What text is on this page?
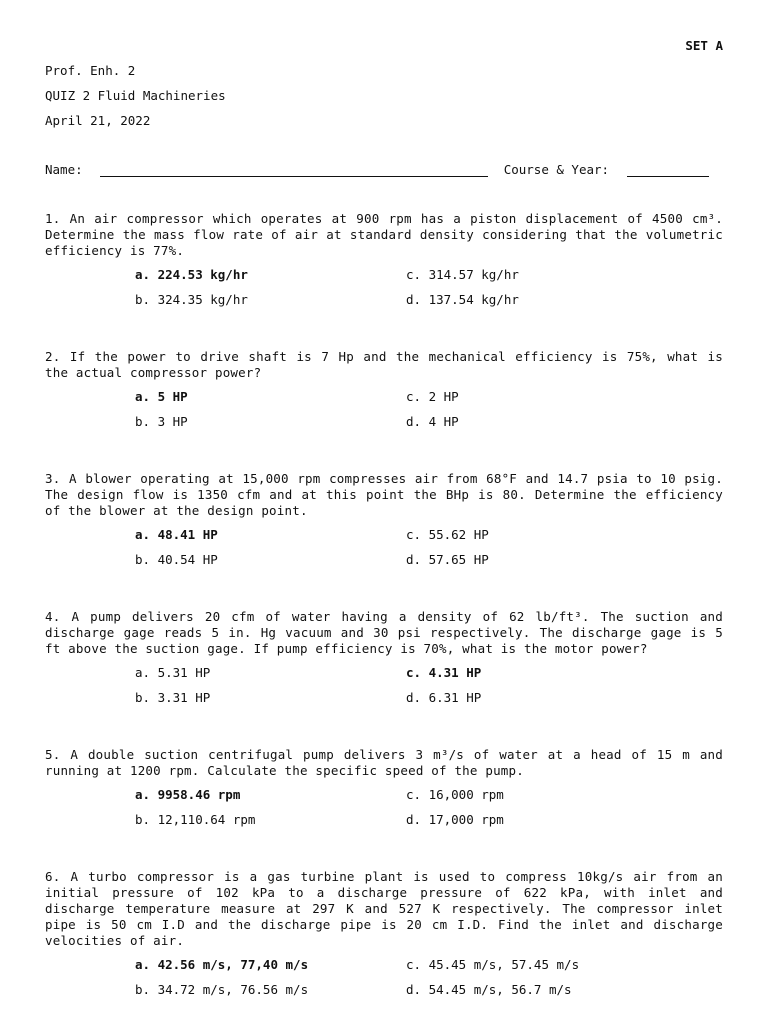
SET A
Prof. Enh. 2
QUIZ 2 Fluid Machineries
April 21, 2022
Name:	Course & Year:
1. An air compressor which operates at 900 rpm has a piston displacement of 4500 cm³. Determine the mass flow rate of air at standard density considering that the volumetric efficiency is 77%.
a. 224.53 kg/hr	c. 314.57 kg/hr
b. 324.35 kg/hr	d. 137.54 kg/hr
2. If the power to drive shaft is 7 Hp and the mechanical efficiency is 75%, what is the actual compressor power?
a. 5 HP	c. 2 HP
b. 3 HP	d. 4 HP
3. A blower operating at 15,000 rpm compresses air from 68°F and 14.7 psia to 10 psig. The design flow is 1350 cfm and at this point the BHp is 80. Determine the efficiency of the blower at the design point.
a. 48.41 HP	c. 55.62 HP
b. 40.54 HP	d. 57.65 HP
4. A pump delivers 20 cfm of water having a density of 62 lb/ft³. The suction and discharge gage reads 5 in. Hg vacuum and 30 psi respectively. The discharge gage is 5 ft above the suction gage. If pump efficiency is 70%, what is the motor power?
a. 5.31 HP	c. 4.31 HP
b. 3.31 HP	d. 6.31 HP
5. A double suction centrifugal pump delivers 3 m³/s of water at a head of 15 m and running at 1200 rpm. Calculate the specific speed of the pump.
a. 9958.46 rpm	c. 16,000 rpm
b. 12,110.64 rpm	d. 17,000 rpm
6. A turbo compressor is a gas turbine plant is used to compress 10kg/s air from an initial pressure of 102 kPa to a discharge pressure of 622 kPa, with inlet and discharge temperature measure at 297 K and 527 K respectively. The compressor inlet pipe is 50 cm I.D and the discharge pipe is 20 cm I.D. Find the inlet and discharge velocities of air.
a. 42.56 m/s, 77,40 m/s	c. 45.45 m/s, 57.45 m/s
b. 34.72 m/s, 76.56 m/s	d. 54.45 m/s, 56.7 m/s
